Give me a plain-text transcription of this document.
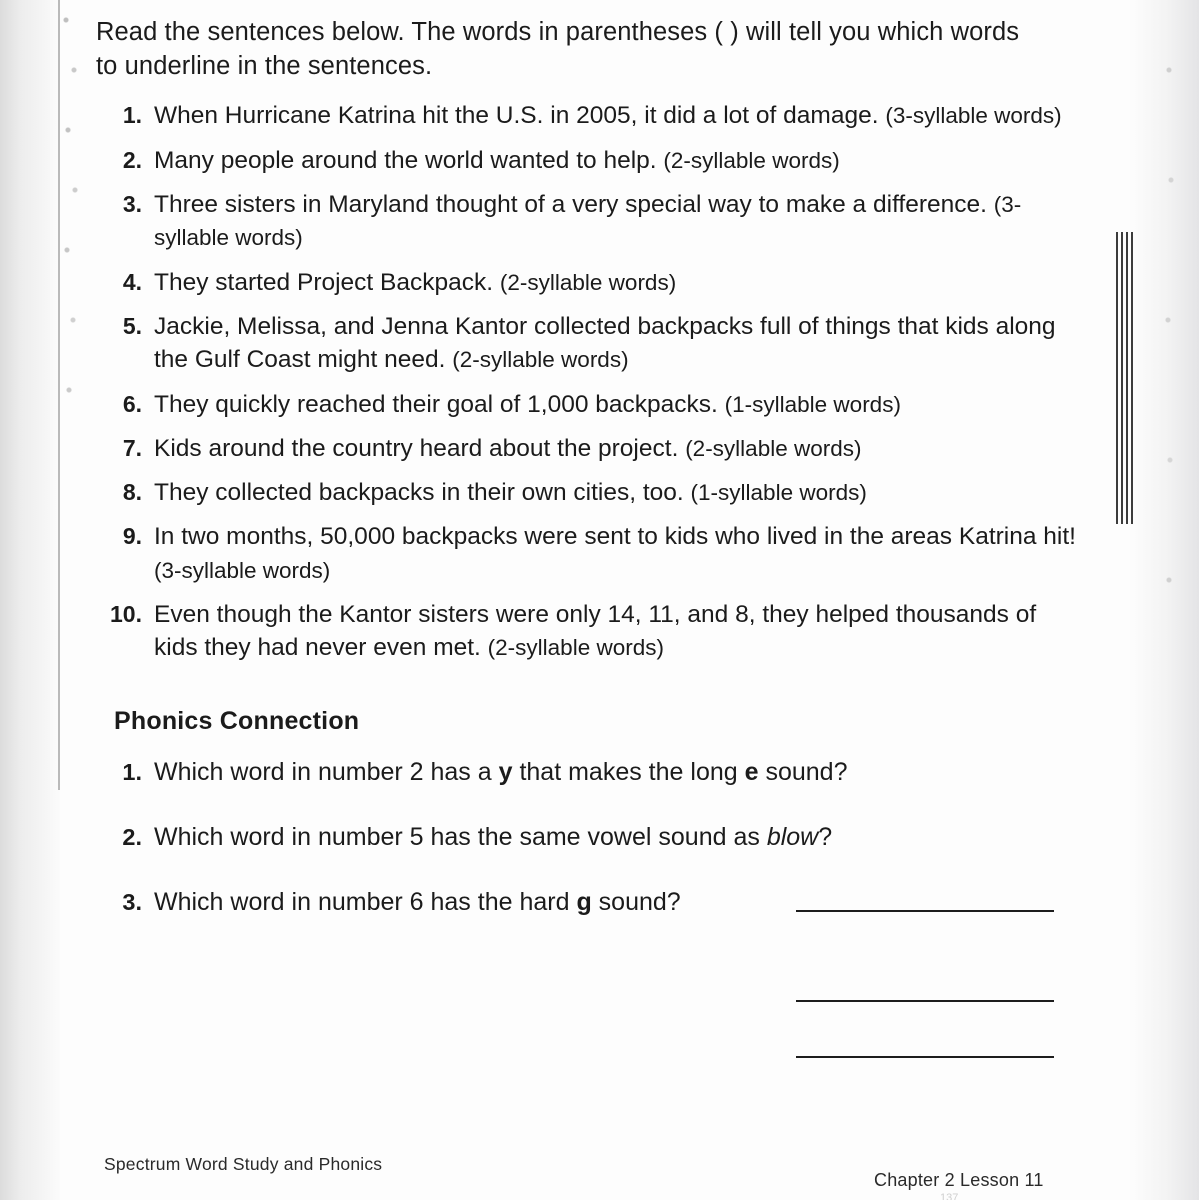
Read the sentences below. The words in parentheses ( ) will tell you which words to underline in the sentences.
1. When Hurricane Katrina hit the U.S. in 2005, it did a lot of damage. (3-syllable words)
2. Many people around the world wanted to help. (2-syllable words)
3. Three sisters in Maryland thought of a very special way to make a difference. (3-syllable words)
4. They started Project Backpack. (2-syllable words)
5. Jackie, Melissa, and Jenna Kantor collected backpacks full of things that kids along the Gulf Coast might need. (2-syllable words)
6. They quickly reached their goal of 1,000 backpacks. (1-syllable words)
7. Kids around the country heard about the project. (2-syllable words)
8. They collected backpacks in their own cities, too. (1-syllable words)
9. In two months, 50,000 backpacks were sent to kids who lived in the areas Katrina hit! (3-syllable words)
10. Even though the Kantor sisters were only 14, 11, and 8, they helped thousands of kids they had never even met. (2-syllable words)
Phonics Connection
1. Which word in number 2 has a y that makes the long e sound?
2. Which word in number 5 has the same vowel sound as blow?
3. Which word in number 6 has the hard g sound?
Spectrum Word Study and Phonics
Chapter 2 Lesson 11
137
